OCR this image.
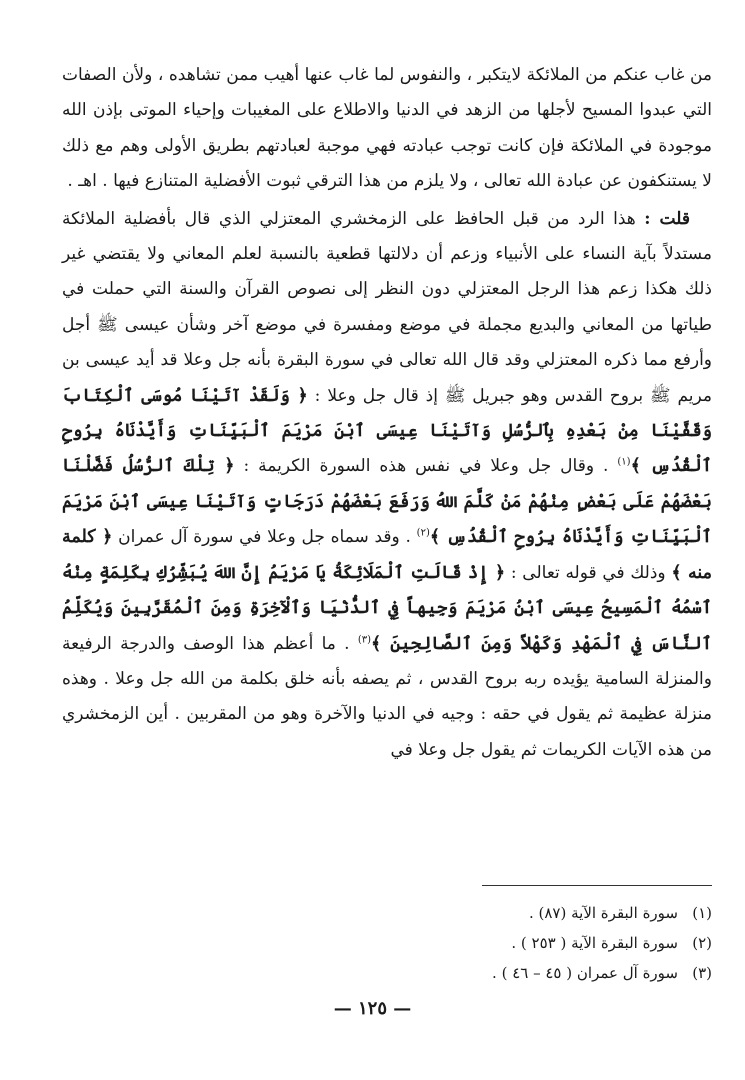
من غاب عنكم من الملائكة لايتكبر ، والنفوس لما غاب عنها أهيب ممن تشاهده ، ولأن الصفات التي عبدوا المسيح لأجلها من الزهد في الدنيا والاطلاع على المغيبات وإحياء الموتى بإذن الله موجودة في الملائكة فإن كانت توجب عبادته فهي موجبة لعبادتهم بطريق الأولى وهم مع ذلك لا يستنكفون عن عبادة الله تعالى ، ولا يلزم من هذا الترقي ثبوت الأفضلية المتنازع فيها . اهـ .

قلت : هذا الرد من قبل الحافظ على الزمخشري المعتزلي الذي قال بأفضلية الملائكة مستدلاً بآية النساء على الأنبياء وزعم أن دلالتها قطعية بالنسبة لعلم المعاني ولا يقتضي غير ذلك هكذا زعم هذا الرجل المعتزلي دون النظر إلى نصوص القرآن والسنة التي حملت في طياتها من المعاني والبديع مجملة في موضع ومفسرة في موضع آخر وشأن عيسى ﷺ أجل وأرفع مما ذكره المعتزلي وقد قال الله تعالى في سورة البقرة بأنه جل وعلا قد أيد عيسى بن مريم ﷺ بروح القدس وهو جبريل ﷺ إذ قال جل وعلا : ﴿ وَلَقَدْ آتَيْنَا مُوسَى ٱلْكِتَابَ وَقَفَّيْنَا مِنْ بَعْدِهِ بِٱلرُّسُلِ وَآتَيْنَا عِيسَى ٱبْنَ مَرْيَمَ ٱلْبَيِّنَاتِ وَأَيَّدْنَاهُ بِرُوحِ ٱلْقُدُسِ ﴾$^{(١)}$ . وقال جل وعلا في نفس هذه السورة الكريمة : ﴿ تِلْكَ ٱلرُّسُلُ فَضَّلْنَا بَعْضَهُمْ عَلَى بَعْضٍ مِنْهُمْ مَنْ كَلَّمَ اللهُ وَرَفَعَ بَعْضَهُمْ دَرَجَاتٍ وَآتَيْنَا عِيسَى ٱبْنَ مَرْيَمَ ٱلْبَيِّنَاتِ وَأَيَّدْنَاهُ بِرُوحِ ٱلْقُدُسِ ﴾$^{(٢)}$ . وقد سماه جل وعلا في سورة آل عمران ﴿ كلمة منه ﴾ وذلك في قوله تعالى : ﴿ إِذْ قَالَتِ ٱلْمَلَائِكَةُ يَا مَرْيَمُ إِنَّ اللهَ يُبَشِّرُكِ بِكَلِمَةٍ مِنْهُ ٱسْمُهُ ٱلْمَسِيحُ عِيسَى ٱبْنُ مَرْيَمَ وَجِيهاً فِي ٱلدُّنْيَا وَٱلْآخِرَةِ وَمِنَ ٱلْمُقَرَّبِينَ وَيُكَلِّمُ ٱلنَّاسَ فِي ٱلْمَهْدِ وَكَهْلاً وَمِنَ ٱلصَّالِحِينَ ﴾$^{(٣)}$ . ما أعظم هذا الوصف والدرجة الرفيعة والمنزلة السامية يؤيده ربه بروح القدس ، ثم يصفه بأنه خلق بكلمة من الله جل وعلا . وهذه منزلة عظيمة ثم يقول في حقه : وجيه في الدنيا والآخرة وهو من المقربين . أين الزمخشري من هذه الآيات الكريمات ثم يقول جل وعلا في

(١)سورة البقرة الآية (٨٧) .
(٢)سورة البقرة الآية ( ٢٥٣ ) .
(٣)سورة آل عمران ( ٤٥ – ٤٦ ) .
— ١٢٥ —
